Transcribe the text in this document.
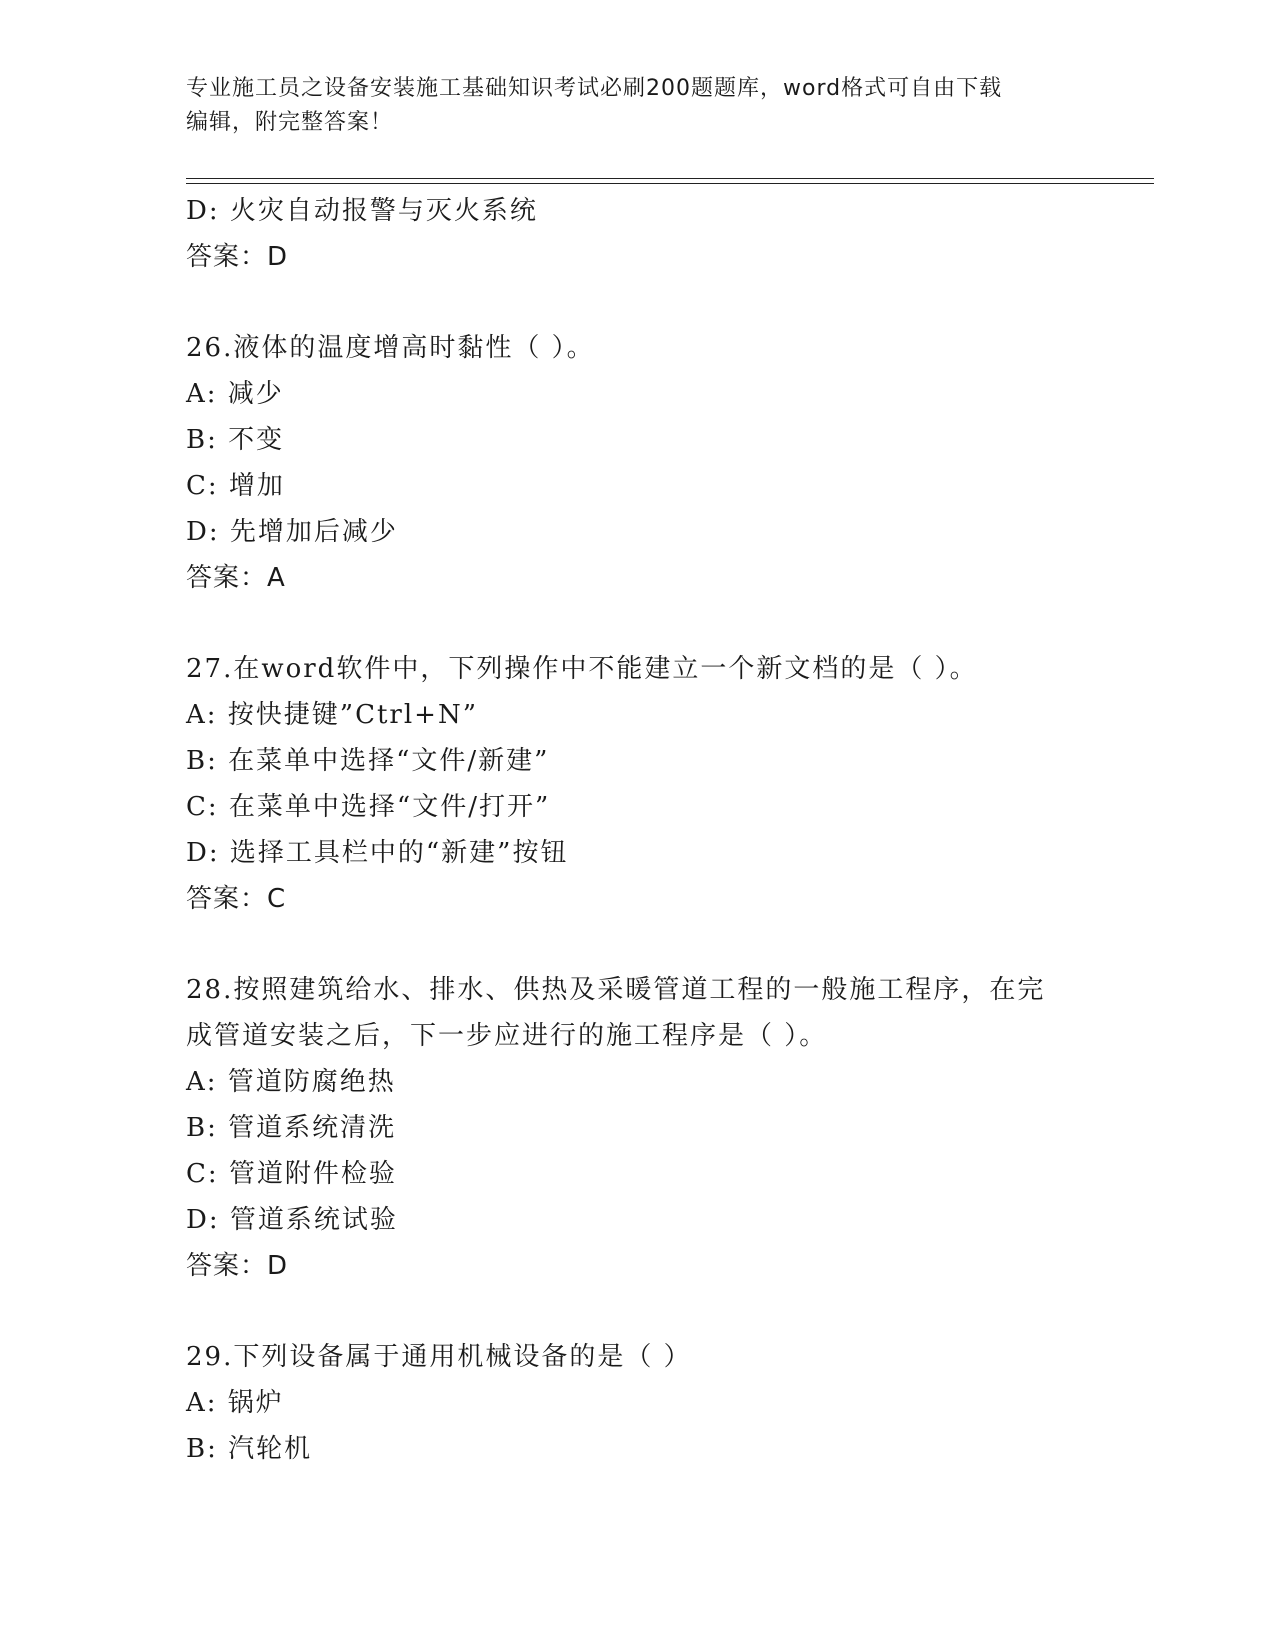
专业施工员之设备安装施工基础知识考试必刷200题题库，word格式可自由下载
编辑，附完整答案！
D: 火灾自动报警与灭火系统
答案：D
26.液体的温度增高时黏性（ ）。
A: 减少
B: 不变
C: 增加
D: 先增加后减少
答案：A
27.在word软件中，下列操作中不能建立一个新文档的是（ ）。
A: 按快捷键”Ctrl+N”
B: 在菜单中选择“文件/新建”
C: 在菜单中选择“文件/打开”
D: 选择工具栏中的“新建”按钮
答案：C
28.按照建筑给水、排水、供热及采暖管道工程的一般施工程序，在完
成管道安装之后，下一步应进行的施工程序是（ ）。
A: 管道防腐绝热
B: 管道系统清洗
C: 管道附件检验
D: 管道系统试验
答案：D
29.下列设备属于通用机械设备的是（ ）
A: 锅炉
B: 汽轮机
